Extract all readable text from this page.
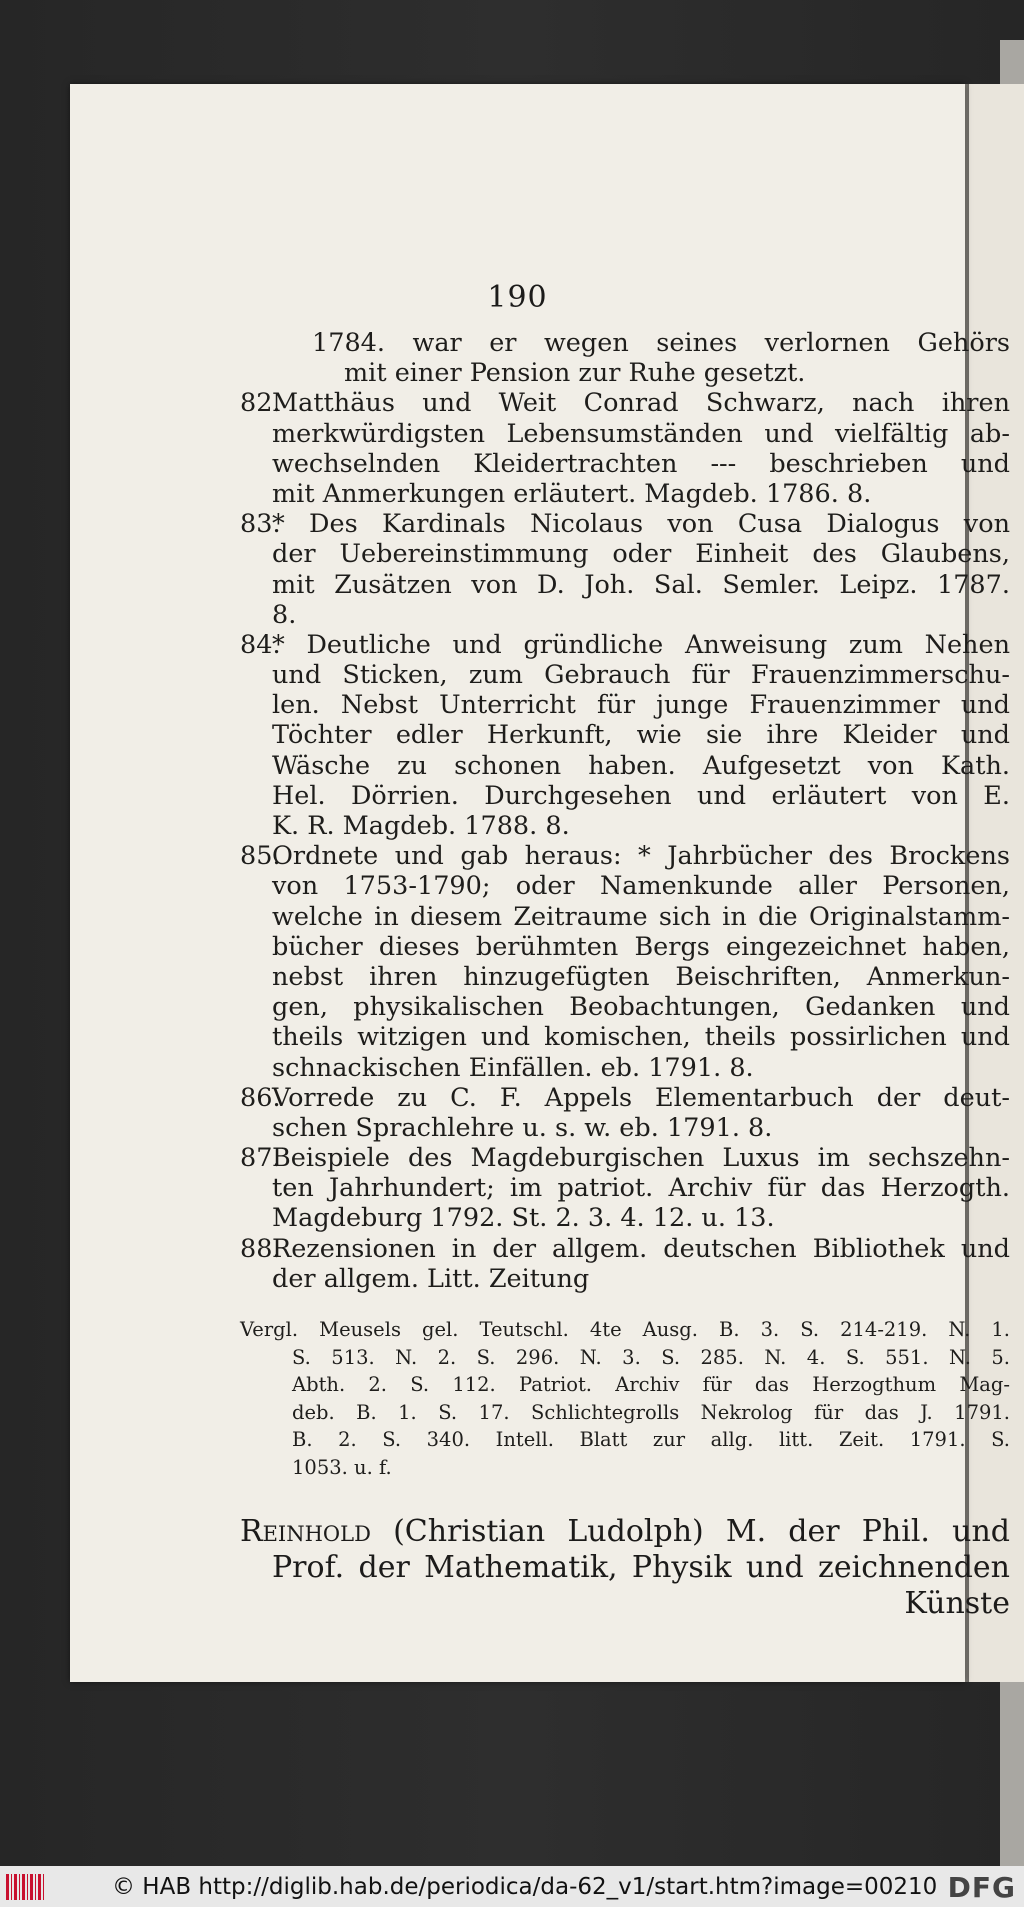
190
1784. war er wegen seines verlornen Gehörs
mit einer Pension zur Ruhe gesetzt.
82.Matthäus und Weit Conrad Schwarz, nach ihren
merkwürdigsten Lebensumständen und vielfältig ab-
wechselnden Kleidertrachten --- beschrieben und
mit Anmerkungen erläutert. Magdeb. 1786. 8.
83.* Des Kardinals Nicolaus von Cusa Dialogus von
der Uebereinstimmung oder Einheit des Glaubens,
mit Zusätzen von D. Joh. Sal. Semler. Leipz. 1787.
8.
84.* Deutliche und gründliche Anweisung zum Nehen
und Sticken, zum Gebrauch für Frauenzimmerschu-
len. Nebst Unterricht für junge Frauenzimmer und
Töchter edler Herkunft, wie sie ihre Kleider und
Wäsche zu schonen haben. Aufgesetzt von Kath.
Hel. Dörrien. Durchgesehen und erläutert von E.
K. R. Magdeb. 1788. 8.
85.Ordnete und gab heraus: * Jahrbücher des Brockens
von 1753-1790; oder Namenkunde aller Personen,
welche in diesem Zeitraume sich in die Originalstamm-
bücher dieses berühmten Bergs eingezeichnet haben,
nebst ihren hinzugefügten Beischriften, Anmerkun-
gen, physikalischen Beobachtungen, Gedanken und
theils witzigen und komischen, theils possirlichen und
schnackischen Einfällen. eb. 1791. 8.
86.Vorrede zu C. F. Appels Elementarbuch der deut-
schen Sprachlehre u. s. w. eb. 1791. 8.
87.Beispiele des Magdeburgischen Luxus im sechszehn-
ten Jahrhundert; im patriot. Archiv für das Herzogth.
Magdeburg 1792. St. 2. 3. 4. 12. u. 13.
88.Rezensionen in der allgem. deutschen Bibliothek und
der allgem. Litt. Zeitung
Vergl. Meusels gel. Teutschl. 4te Ausg. B. 3. S. 214-219. N. 1.
S. 513. N. 2. S. 296. N. 3. S. 285. N. 4. S. 551. N. 5.
Abth. 2. S. 112. Patriot. Archiv für das Herzogthum Mag-
deb. B. 1. S. 17. Schlichtegrolls Nekrolog für das J. 1791.
B. 2. S. 340. Intell. Blatt zur allg. litt. Zeit. 1791. S.
1053. u. f.
Reinhold (Christian Ludolph) M. der Phil. und
Prof. der Mathematik, Physik und zeichnenden
Künste
© HAB http://diglib.hab.de/periodica/da-62_v1/start.htm?image=00210 DFG
